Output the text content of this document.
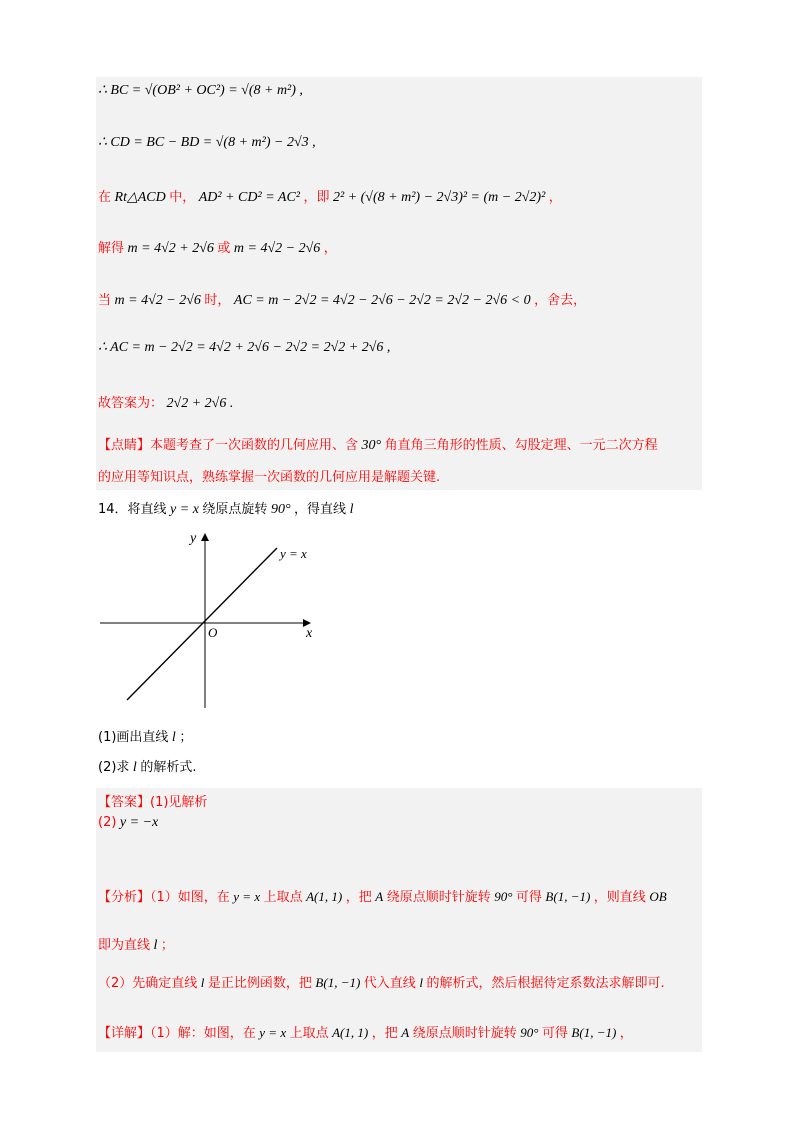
∴ BC = √(OB² + OC²) = √(8 + m²) ,
∴ CD = BC − BD = √(8 + m²) − 2√3 ,
在 Rt△ACD 中， AD² + CD² = AC² ，即 2² + (√(8 + m²) − 2√3)² = (m − 2√2)² ，
解得 m = 4√2 + 2√6 或 m = 4√2 − 2√6 ，
当 m = 4√2 − 2√6 时， AC = m − 2√2 = 4√2 − 2√6 − 2√2 = 2√2 − 2√6 < 0 ，舍去，
∴ AC = m − 2√2 = 4√2 + 2√6 − 2√2 = 2√2 + 2√6 ,
故答案为： 2√2 + 2√6 .
【点睛】本题考查了一次函数的几何应用、含 30° 角直角三角形的性质、勾股定理、一元二次方程
的应用等知识点，熟练掌握一次函数的几何应用是解题关键.
14．将直线 y = x 绕原点旋转 90° ，得直线 l
y
x
O
y = x
(1)画出直线 l ；
(2)求 l 的解析式.
【答案】(1)见解析
(2) y = −x
【分析】（1）如图，在 y = x 上取点 A(1, 1) ，把 A 绕原点顺时针旋转 90° 可得 B(1, −1) ，则直线 OB
即为直线 l ；
（2）先确定直线 l 是正比例函数，把 B(1, −1) 代入直线 l 的解析式，然后根据待定系数法求解即可.
【详解】（1）解：如图，在 y = x 上取点 A(1, 1) ，把 A 绕原点顺时针旋转 90° 可得 B(1, −1) ，
